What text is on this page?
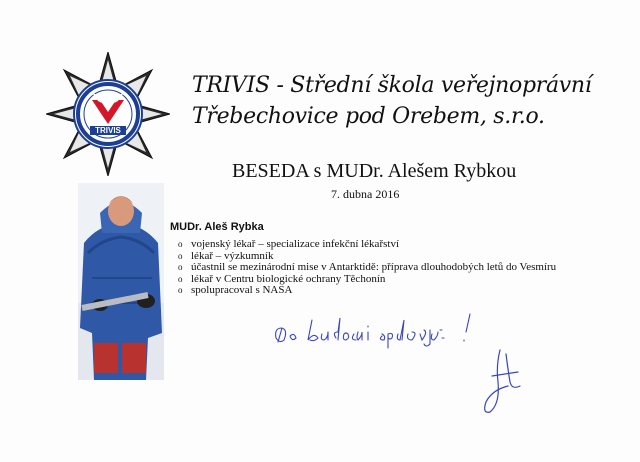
TRIVIS
TRIVIS - Střední škola veřejnoprávní
Třebechovice pod Orebem, s.r.o.
BESEDA s MUDr. Alešem Rybkou
7. dubna 2016
MUDr. Aleš Rybka
o vojenský lékař – specializace infekční lékařství
o lékař – výzkumník
o účastnil se mezinárodní mise v Antarktidě: příprava dlouhodobých letů do Vesmíru
o lékař v Centru biologické ochrany Těchonín
o spolupracoval s NASA
